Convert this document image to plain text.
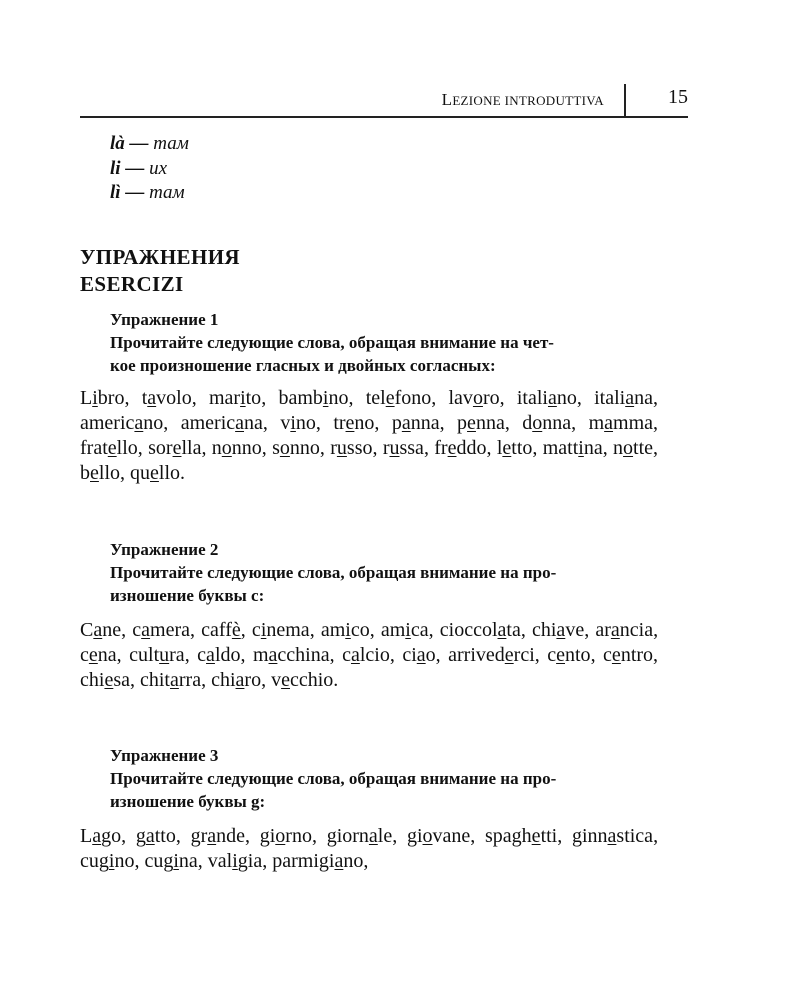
LEZIONE INTRODUTTIVA	15
là — там
li — их
lì — там
УПРАЖНЕНИЯ
ESERCIZI
Упражнение 1
Прочитайте следующие слова, обращая внимание на чет-
кое произношение гласных и двойных согласных:
Libro, tavolo, marito, bambino, telefono, lavoro, italiano, italiana, americano, americana, vino, treno, panna, penna, donna, mamma, fratello, sorella, nonno, sonno, russo, russa, freddo, letto, mattina, notte, bello, quello.
Упражнение 2
Прочитайте следующие слова, обращая внимание на про-
изношение буквы c:
Cane, camera, caffè, cinema, amico, amica, cioccolata, chiave, arancia, cena, cultura, caldo, macchina, calcio, ciao, arrivederci, cento, centro, chiesa, chitarra, chiaro, vecchio.
Упражнение 3
Прочитайте следующие слова, обращая внимание на про-
изношение буквы g:
Lago, gatto, grande, giorno, giornale, giovane, spaghetti, ginnastica, cugino, cugina, valigia, parmigiano,
